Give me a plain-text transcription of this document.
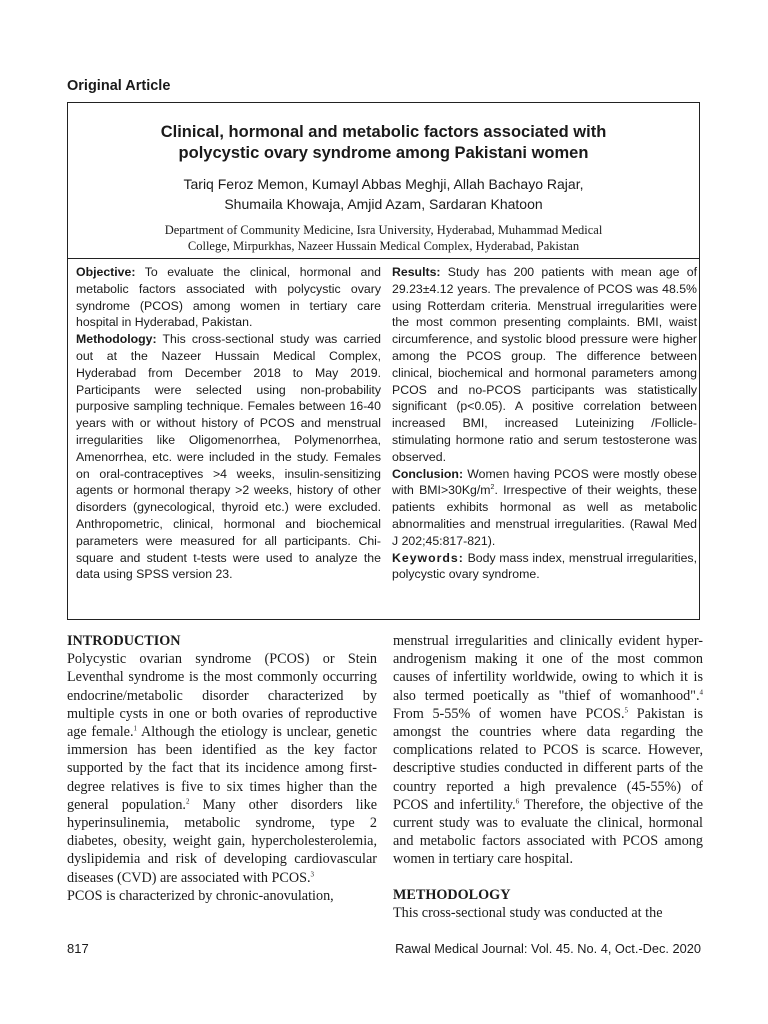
Original Article
Clinical, hormonal and metabolic factors associated with
polycystic ovary syndrome among Pakistani women
Tariq Feroz Memon, Kumayl Abbas Meghji, Allah Bachayo Rajar,
Shumaila Khowaja, Amjid Azam, Sardaran Khatoon
Department of Community Medicine, Isra University, Hyderabad, Muhammad Medical
College, Mirpurkhas, Nazeer Hussain Medical Complex, Hyderabad, Pakistan

Objective: To evaluate the clinical, hormonal and metabolic factors associated with polycystic ovary syndrome (PCOS) among women in tertiary care hospital in Hyderabad, Pakistan.

Methodology: This cross-sectional study was carried out at the Nazeer Hussain Medical Complex, Hyderabad from December 2018 to May 2019. Participants were selected using non-probability purposive sampling technique. Females between 16-40 years with or without history of PCOS and menstrual irregularities like Oligomenorrhea, Polymenorrhea, Amenorrhea, etc. were included in the study. Females on oral-contraceptives >4 weeks, insulin-sensitizing agents or hormonal therapy >2 weeks, history of other disorders (gynecological, thyroid etc.) were excluded. Anthropometric, clinical, hormonal and biochemical parameters were measured for all participants. Chi-square and student t-tests were used to analyze the data using SPSS version 23.

Results: Study has 200 patients with mean age of 29.23±4.12 years. The prevalence of PCOS was 48.5% using Rotterdam criteria. Menstrual irregularities were the most common presenting complaints. BMI, waist circumference, and systolic blood pressure were higher among the PCOS group. The difference between clinical, biochemical and hormonal parameters among PCOS and no-PCOS participants was statistically significant (p<0.05). A positive correlation between increased BMI, increased Luteinizing /Follicle-stimulating hormone ratio and serum testosterone was observed.

Conclusion: Women having PCOS were mostly obese with $BMI>30Kg/m^2$. Irrespective of their weights, these patients exhibits hormonal as well as metabolic abnormalities and menstrual irregularities. (Rawal Med J 202;45:817-821).

Keywords: Body mass index, menstrual irregularities, polycystic ovary syndrome.

INTRODUCTION

Polycystic ovarian syndrome (PCOS) or Stein Leventhal syndrome is the most commonly occurring endocrine/metabolic disorder characterized by multiple cysts in one or both ovaries of reproductive age female.$^1$ Although the etiology is unclear, genetic immersion has been identified as the key factor supported by the fact that its incidence among first-degree relatives is five to six times higher than the general population.$^2$ Many other disorders like hyperinsulinemia, metabolic syndrome, type 2 diabetes, obesity, weight gain, hypercholesterolemia, dyslipidemia and risk of developing cardiovascular diseases (CVD) are associated with PCOS.$^3$

PCOS is characterized by chronic-anovulation,

menstrual irregularities and clinically evident hyper-androgenism making it one of the most common causes of infertility worldwide, owing to which it is also termed poetically as "thief of womanhood".$^4$ From 5-55% of women have PCOS.$^5$ Pakistan is amongst the countries where data regarding the complications related to PCOS is scarce. However, descriptive studies conducted in different parts of the country reported a high prevalence (45-55%) of PCOS and infertility.$^6$ Therefore, the objective of the current study was to evaluate the clinical, hormonal and metabolic factors associated with PCOS among women in tertiary care hospital.

METHODOLOGY

This cross-sectional study was conducted at the

817	Rawal Medical Journal: Vol. 45. No. 4, Oct.-Dec. 2020
